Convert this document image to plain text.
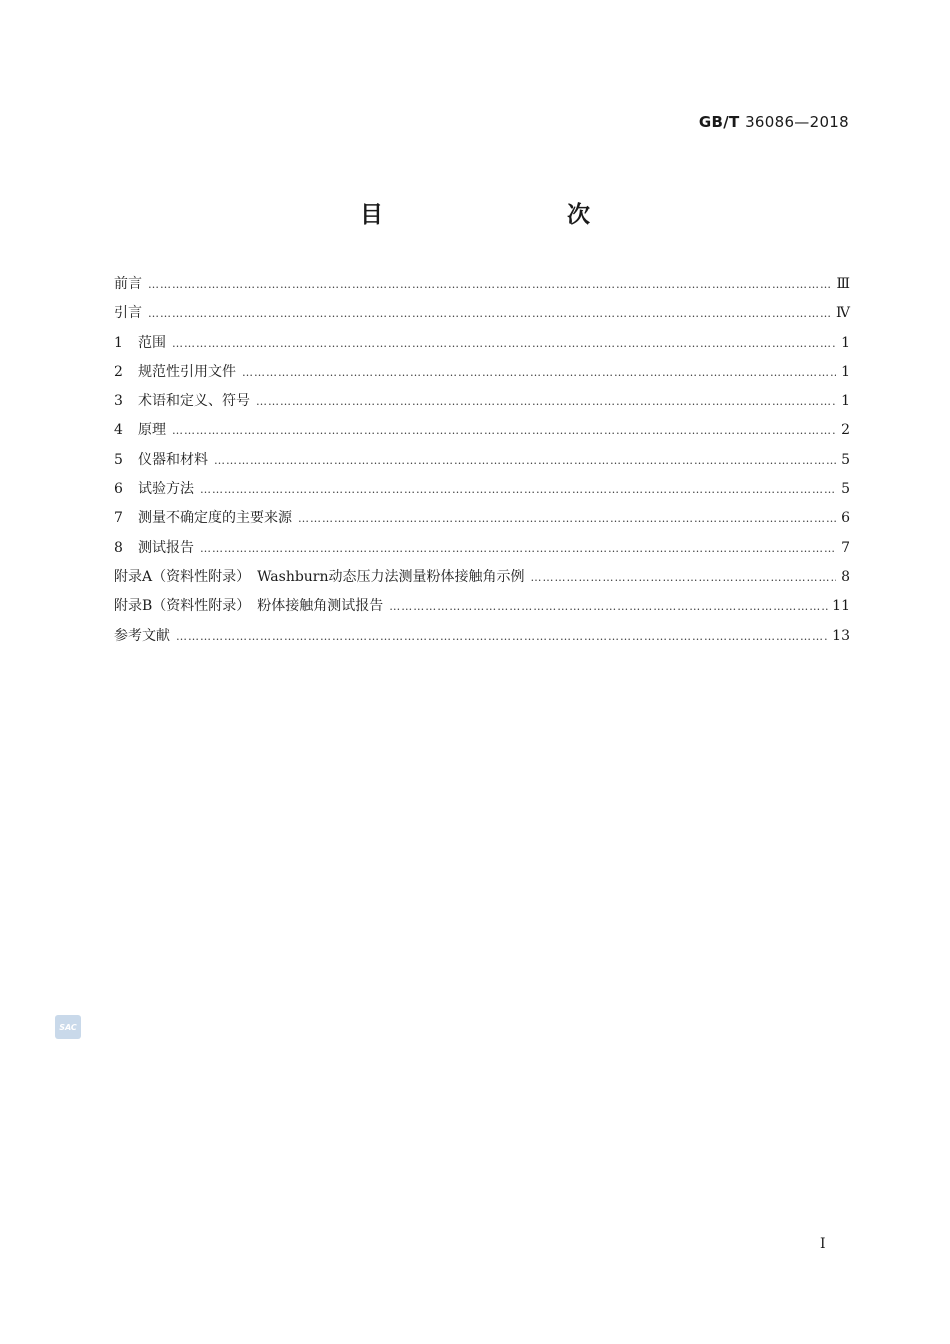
GB/T 36086—2018
目　　次
前言 ……………………………………………………………………………………………………………………………………………………………………………………………………	Ⅲ
引言 ……………………………………………………………………………………………………………………………………………………………………………………………………	Ⅳ
1	范围 ……………………………………………………………………………………………………………………………………………………………………………………………………	1
2	规范性引用文件 ……………………………………………………………………………………………………………………………………………………………………………………………………	1
3	术语和定义、符号 ……………………………………………………………………………………………………………………………………………………………………………………………………	1
4	原理 ……………………………………………………………………………………………………………………………………………………………………………………………………	2
5	仪器和材料 ……………………………………………………………………………………………………………………………………………………………………………………………………	5
6	试验方法 ……………………………………………………………………………………………………………………………………………………………………………………………………	5
7	测量不确定度的主要来源 ……………………………………………………………………………………………………………………………………………………………………………………………………	6
8	测试报告 ……………………………………………………………………………………………………………………………………………………………………………………………………	7
附录A（资料性附录）　Washburn动态压力法测量粉体接触角示例 ……………………………………………………………………………………………………………………………………………………………………………………………………	8
附录B（资料性附录）　粉体接触角测试报告 ……………………………………………………………………………………………………………………………………………………………………………………………………	11
参考文献 ……………………………………………………………………………………………………………………………………………………………………………………………………	13
SAC
I
